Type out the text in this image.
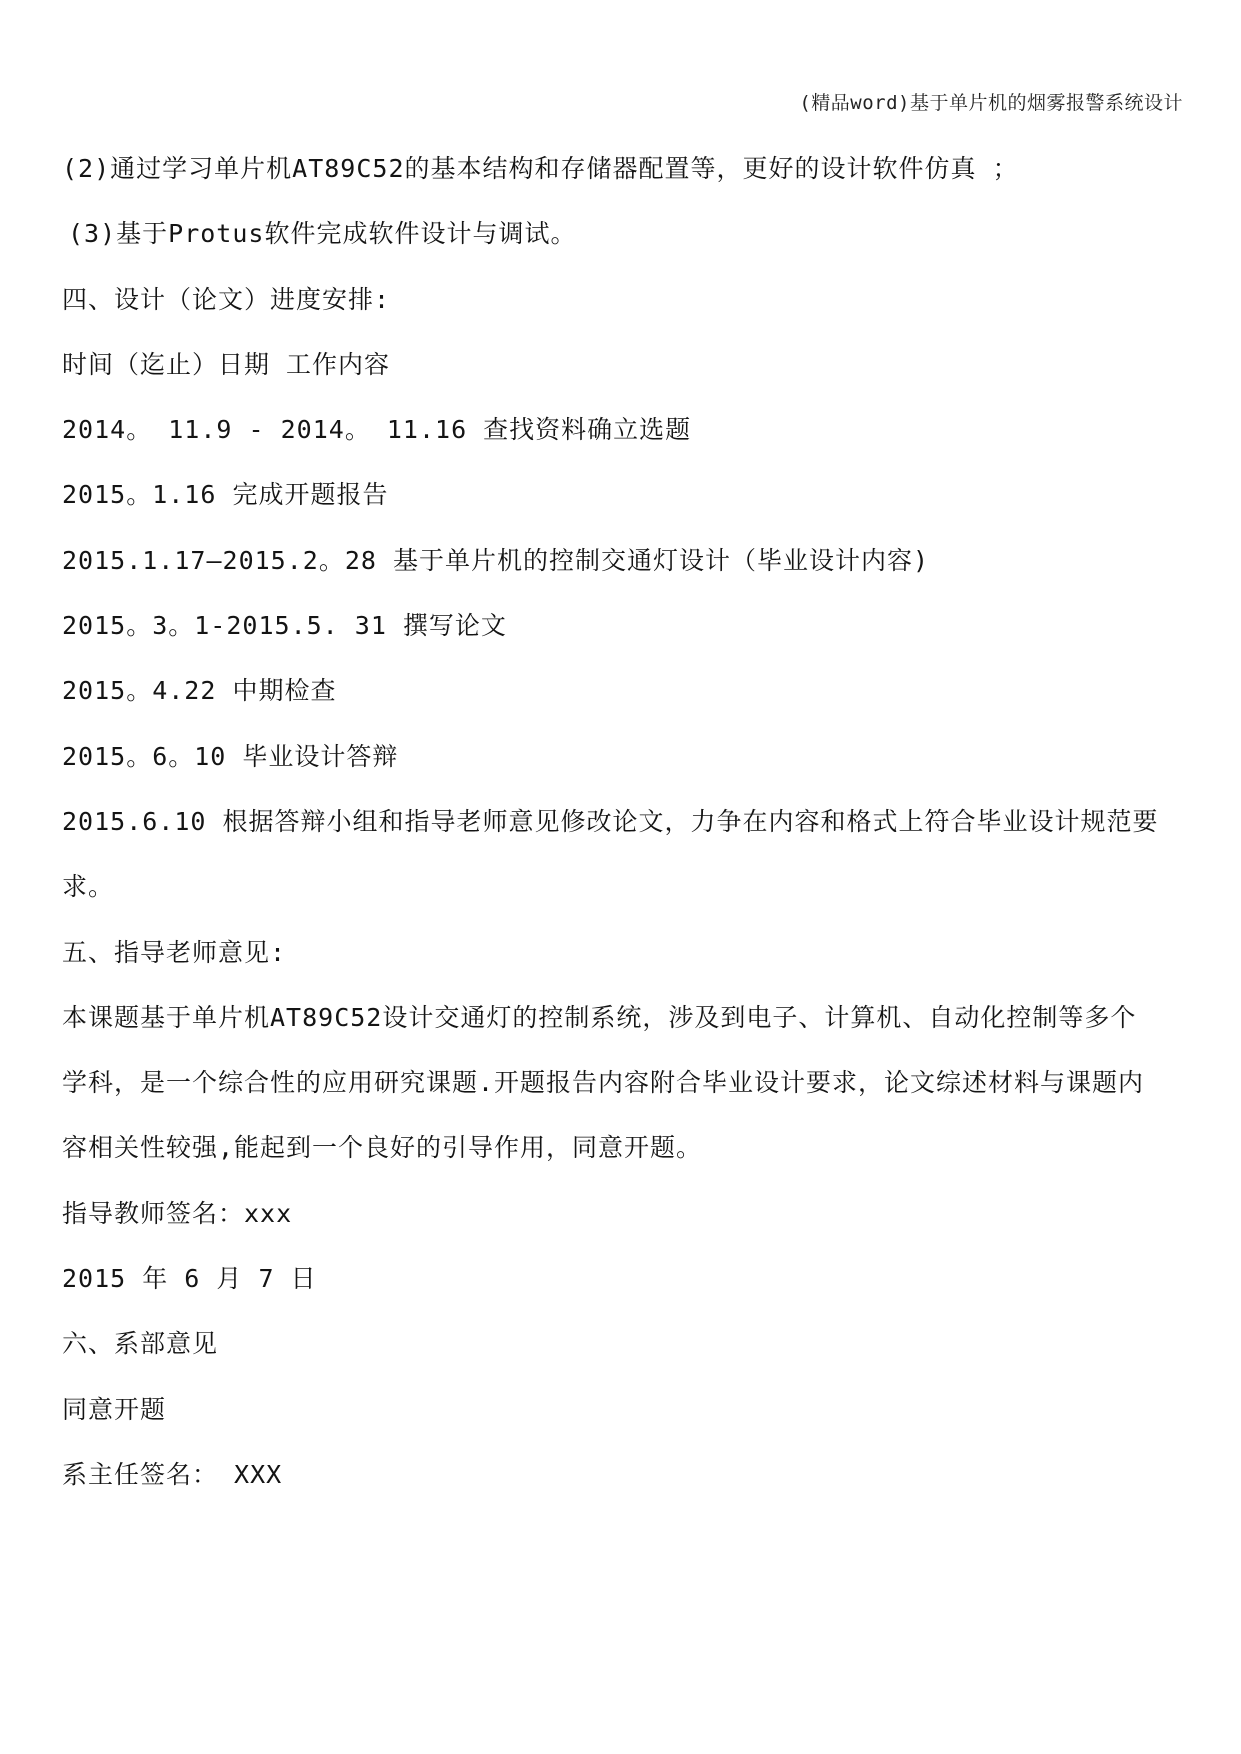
(精品word)基于单片机的烟雾报警系统设计
(2)通过学习单片机AT89C52的基本结构和存储器配置等，更好的设计软件仿真 ；
(3)基于Protus软件完成软件设计与调试。
四、设计（论文）进度安排:
时间（迄止）日期 工作内容
2014。 11.9 - 2014。 11.16 查找资料确立选题
2015。1.16 完成开题报告
2015.1.17—2015.2。28 基于单片机的控制交通灯设计（毕业设计内容)
2015。3。1-2015.5. 31 撰写论文
2015。4.22 中期检查
2015。6。10 毕业设计答辩
2015.6.10 根据答辩小组和指导老师意见修改论文，力争在内容和格式上符合毕业设计规范要
求。
五、指导老师意见:
本课题基于单片机AT89C52设计交通灯的控制系统，涉及到电子、计算机、自动化控制等多个
学科，是一个综合性的应用研究课题.开题报告内容附合毕业设计要求，论文综述材料与课题内
容相关性较强,能起到一个良好的引导作用，同意开题。
指导教师签名：xxx
2015 年 6 月 7 日
六、系部意见
同意开题
系主任签名： XXX
